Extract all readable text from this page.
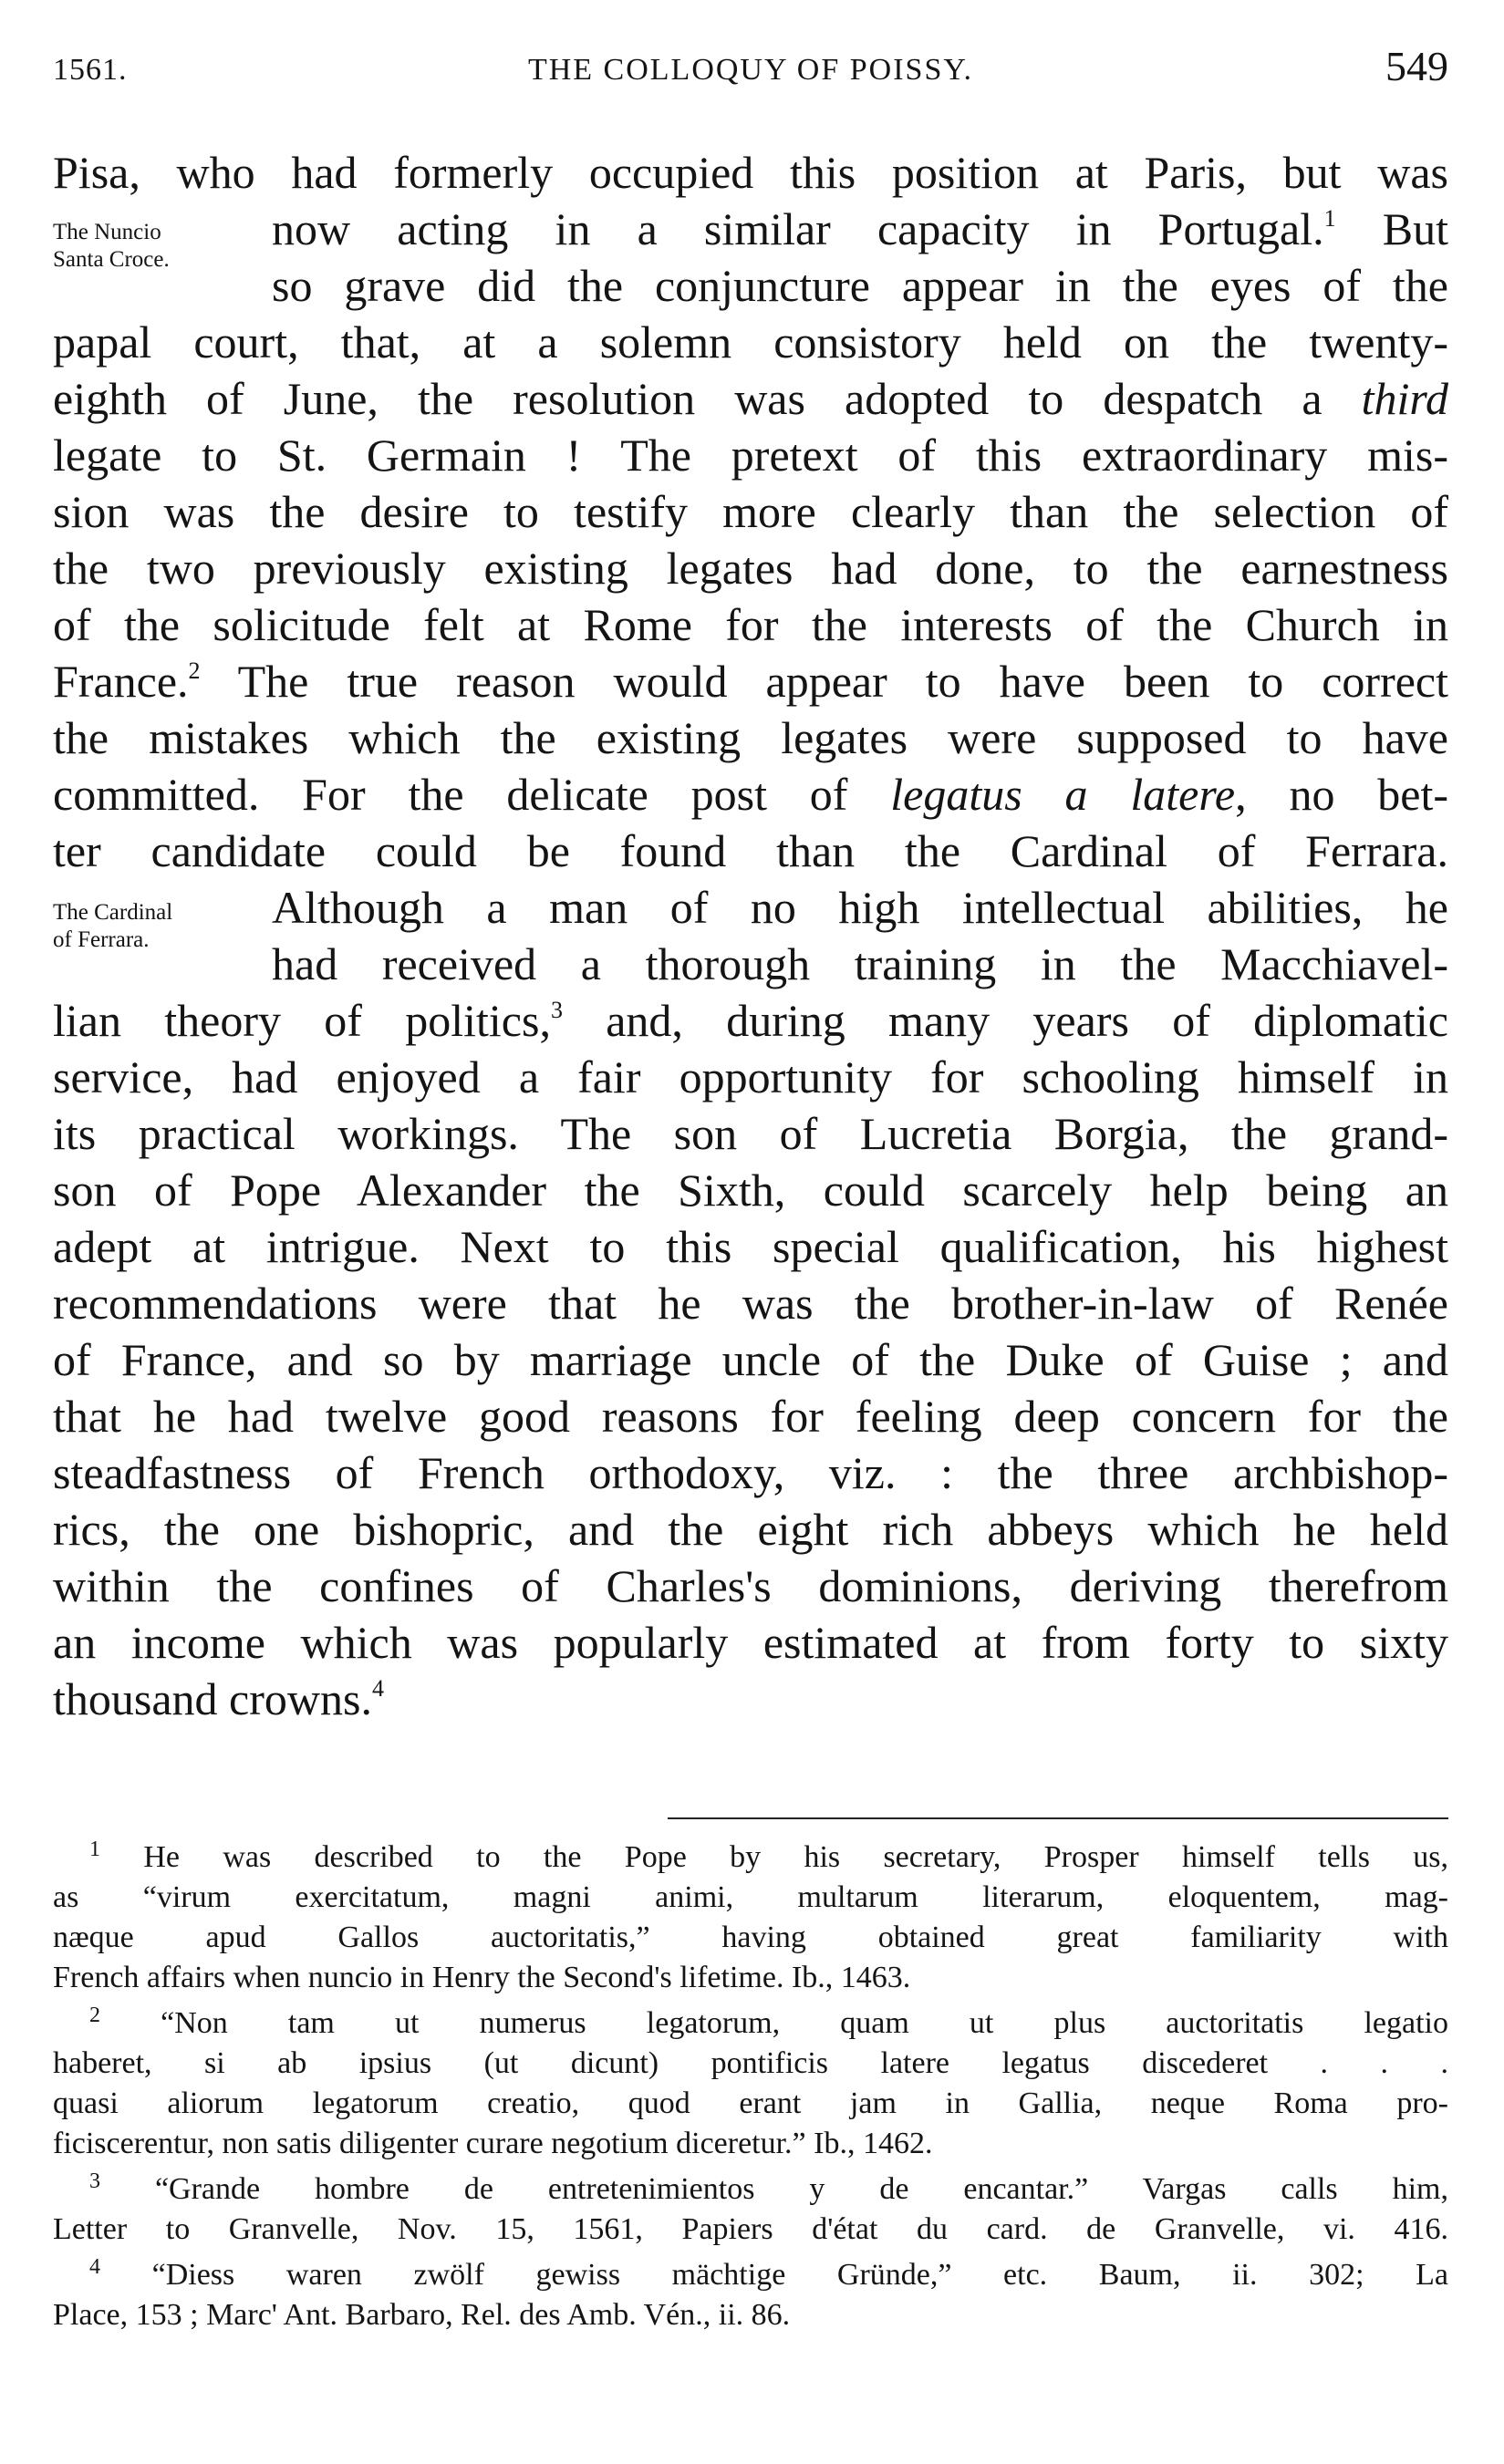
1561.	THE COLLOQUY OF POISSY.	549
Pisa, who had formerly occupied this position at Paris, but was
The Nuncio
Santa Croce.
now acting in a similar capacity in Portugal.$^1$ But
so grave did the conjuncture appear in the eyes of the
papal court, that, at a solemn consistory held on the twenty-
eighth of June, the resolution was adopted to despatch a third
legate to St. Germain ! The pretext of this extraordinary mis-
sion was the desire to testify more clearly than the selection of
the two previously existing legates had done, to the earnestness
of the solicitude felt at Rome for the interests of the Church in
France.$^2$ The true reason would appear to have been to correct
the mistakes which the existing legates were supposed to have
committed. For the delicate post of legatus a latere, no bet-
ter candidate could be found than the Cardinal of Ferrara.
The Cardinal
of Ferrara.
Although a man of no high intellectual abilities, he
had received a thorough training in the Macchiavel-
lian theory of politics,$^3$ and, during many years of diplomatic
service, had enjoyed a fair opportunity for schooling himself in
its practical workings. The son of Lucretia Borgia, the grand-
son of Pope Alexander the Sixth, could scarcely help being an
adept at intrigue. Next to this special qualification, his highest
recommendations were that he was the brother-in-law of Renée
of France, and so by marriage uncle of the Duke of Guise ; and
that he had twelve good reasons for feeling deep concern for the
steadfastness of French orthodoxy, viz. : the three archbishop-
rics, the one bishopric, and the eight rich abbeys which he held
within the confines of Charles's dominions, deriving therefrom
an income which was popularly estimated at from forty to sixty
thousand crowns.$^4$
$^1$ He was described to the Pope by his secretary, Prosper himself tells us,
as “virum exercitatum, magni animi, multarum literarum, eloquentem, mag-
næque apud Gallos auctoritatis,” having obtained great familiarity with
French affairs when nuncio in Henry the Second's lifetime. Ib., 1463.
$^2$ “Non tam ut numerus legatorum, quam ut plus auctoritatis legatio
haberet, si ab ipsius (ut dicunt) pontificis latere legatus discederet . . .
quasi aliorum legatorum creatio, quod erant jam in Gallia, neque Roma pro-
ficiscerentur, non satis diligenter curare negotium diceretur.” Ib., 1462.
$^3$ “Grande hombre de entretenimientos y de encantar.” Vargas calls him,
Letter to Granvelle, Nov. 15, 1561, Papiers d'état du card. de Granvelle, vi. 416.
$^4$ “Diess waren zwölf gewiss mächtige Gründe,” etc. Baum, ii. 302; La
Place, 153 ; Marc' Ant. Barbaro, Rel. des Amb. Vén., ii. 86.
